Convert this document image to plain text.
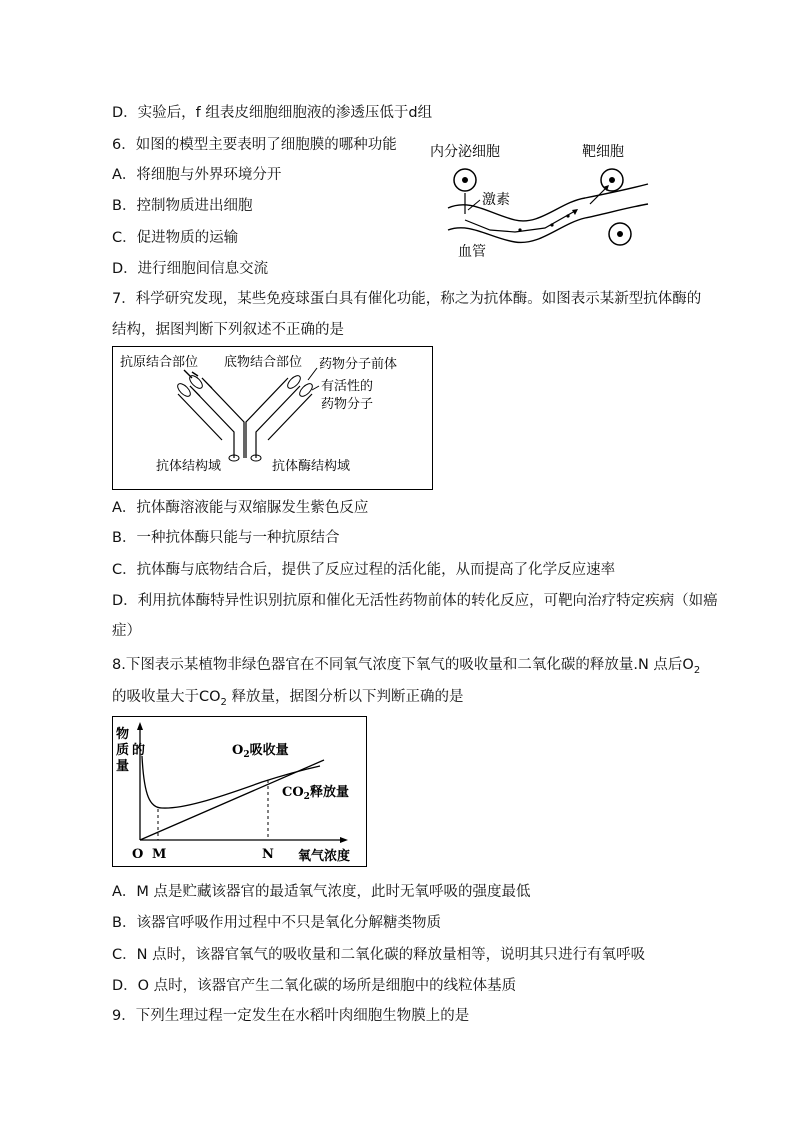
D．实验后，f 组表皮细胞细胞液的渗透压低于d组
6．如图的模型主要表明了细胞膜的哪种功能
A．将细胞与外界环境分开
B．控制物质进出细胞
C．促进物质的运输
D．进行细胞间信息交流
内分泌细胞	靶细胞
激素
血管
7．科学研究发现，某些免疫球蛋白具有催化功能，称之为抗体酶。如图表示某新型抗体酶的
结构，据图判断下列叙述不正确的是
抗原结合部位 底物结合部位 药物分子前体
有活性的
药物分子
抗体结构域	抗体酶结构域
A．抗体酶溶液能与双缩脲发生紫色反应
B．一种抗体酶只能与一种抗原结合
C．抗体酶与底物结合后，提供了反应过程的活化能，从而提高了化学反应速率
D．利用抗体酶特异性识别抗原和催化无活性药物前体的转化反应，可靶向治疗特定疾病（如癌
症）
8.下图表示某植物非绿色器官在不同氧气浓度下氧气的吸收量和二氧化碳的释放量.N 点后$O_2$
的吸收量大于$CO_2$ 释放量，据图分析以下判断正确的是
物
质 的
量
$O_2$吸收量
$CO_2$释放量
O M	N 氧气浓度
A．M 点是贮藏该器官的最适氧气浓度，此时无氧呼吸的强度最低
B．该器官呼吸作用过程中不只是氧化分解糖类物质
C．N 点时，该器官氧气的吸收量和二氧化碳的释放量相等，说明其只进行有氧呼吸
D．O 点时，该器官产生二氧化碳的场所是细胞中的线粒体基质
9．下列生理过程一定发生在水稻叶肉细胞生物膜上的是
